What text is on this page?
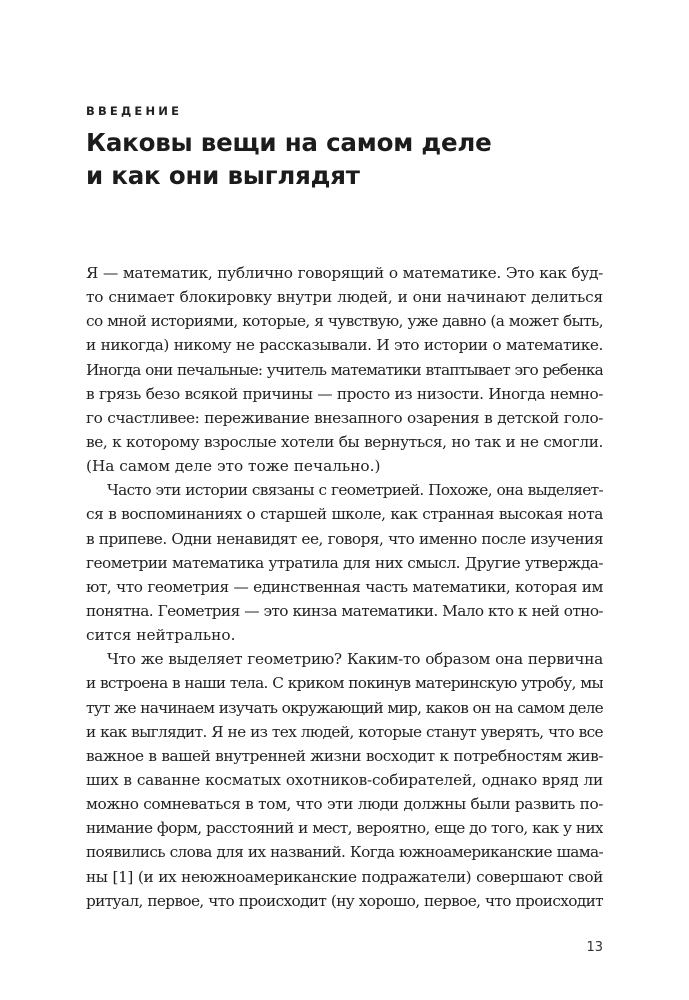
ВВЕДЕНИЕ
Каковы вещи на самом деле
и как они выглядят
Я — математик, публично говорящий о математике. Это как буд-
то снимает блокировку внутри людей, и они начинают делиться
со мной историями, которые, я чувствую, уже давно (а может быть,
и никогда) никому не рассказывали. И это истории о математике.
Иногда они печальные: учитель математики втаптывает эго ребенка
в грязь безо всякой причины — просто из низости. Иногда немно-
го счастливее: переживание внезапного озарения в детской голо-
ве, к которому взрослые хотели бы вернуться, но так и не смогли.
(На самом деле это тоже печально.)
Часто эти истории связаны с геометрией. Похоже, она выделяет-
ся в воспоминаниях о старшей школе, как странная высокая нота
в припеве. Одни ненавидят ее, говоря, что именно после изучения
геометрии математика утратила для них смысл. Другие утвержда-
ют, что геометрия — единственная часть математики, которая им
понятна. Геометрия — это кинза математики. Мало кто к ней отно-
сится нейтрально.
Что же выделяет геометрию? Каким-то образом она первична
и встроена в наши тела. С криком покинув материнскую утробу, мы
тут же начинаем изучать окружающий мир, каков он на самом деле
и как выглядит. Я не из тех людей, которые станут уверять, что все
важное в вашей внутренней жизни восходит к потребностям жив-
ших в саванне косматых охотников-собирателей, однако вряд ли
можно сомневаться в том, что эти люди должны были развить по-
нимание форм, расстояний и мест, вероятно, еще до того, как у них
появились слова для их названий. Когда южноамериканские шама-
ны [1] (и их неюжноамериканские подражатели) совершают свой
ритуал, первое, что происходит (ну хорошо, первое, что происходит
13
